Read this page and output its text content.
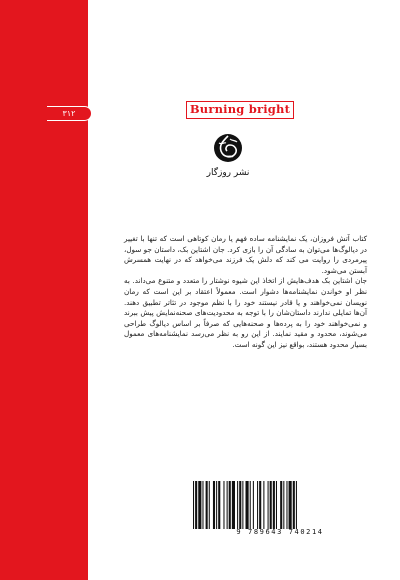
۳۱۲	Burning bright
نشر روزگار

کتاب آتش فروزان، یک نمایشنامه ساده فهم یا رمان کوتاهی است که تنها با تغییر در دیالوگ‌ها می‌توان به سادگی آن را بازی کرد. جان اشتاین بک، داستان جو سول، پیرمردی را روایت می کند که دلش یک فرزند می‌خواهد که در نهایت همسرش آبستن می‌شود.

جان اشتاین بک هدف‌هایش از اتخاذ این شیوه نوشتار را متعدد و متنوع می‌داند. به نظر او خواندن نمایشنامه‌ها دشوار است. معمولاً اعتقاد بر این است که رمان نویسان نمی‌خواهند و یا قادر نیستند خود را با نظم موجود در تئاتر تطبیق دهند. آن‌ها تمایلی ندارند داستان‌شان را با توجه به محدودیت‌های صحنه‌نمایش پیش ببرند و نمی‌خواهند خود را به پرده‌ها و صحنه‌هایی که صرفاً بر اساس دیالوگ طراحی می‌شوند، محدود و مقید نمایند. از این رو به نظر می‌رسد نمایشنامه‌های معمول بسیار محدود هستند، بواقع نیز این گونه است.

9 789643 740214
